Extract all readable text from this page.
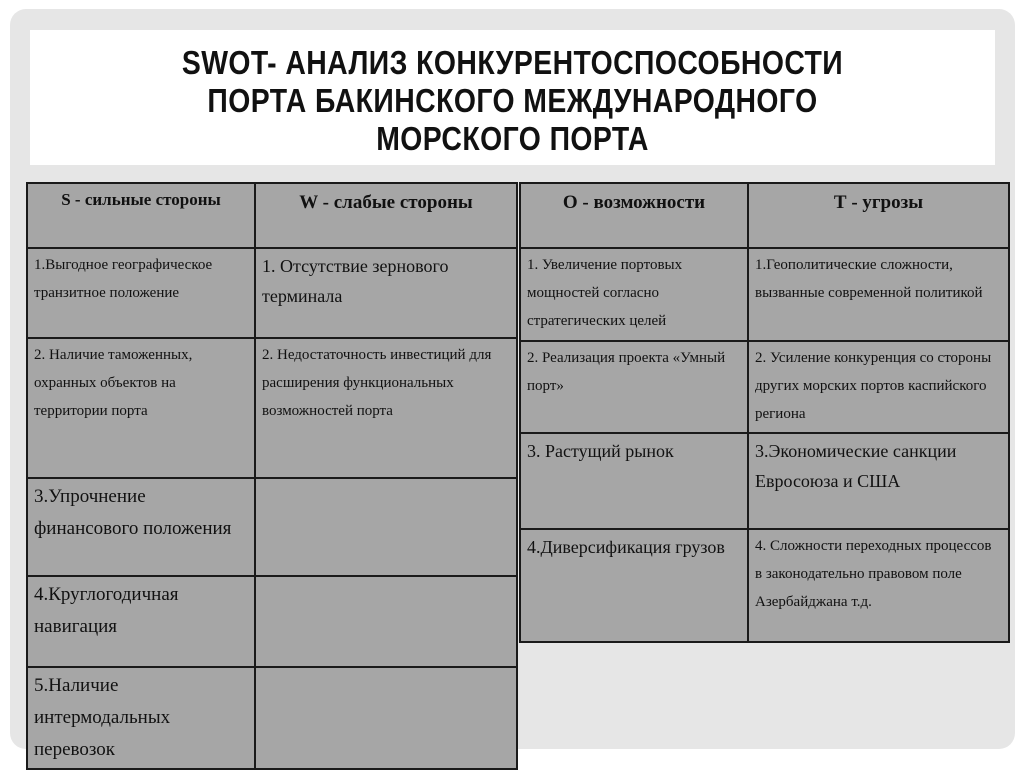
SWOT- АНАЛИЗ КОНКУРЕНТОСПОСОБНОСТИ
ПОРТА БАКИНСКОГО МЕЖДУНАРОДНОГО
МОРСКОГО ПОРТА
S - сильные стороны	W - слабые стороны
1.Выгодное географическое транзитное положение	1. Отсутствие зернового терминала
2. Наличие таможенных, охранных объектов на территории порта	2. Недостаточность инвестиций для расширения функциональных возможностей порта
3.Упрочнение финансового положения	
4.Круглогодичная навигация	
5.Наличие интермодальных перевозок	
О - возможности	Т - угрозы
1. Увеличение портовых мощностей согласно стратегических целей	1.Геополитические сложности, вызванные современной политикой
2. Реализация проекта «Умный порт»	2. Усиление конкуренция со стороны других морских портов каспийского региона
3. Растущий рынок	3.Экономические санкции Евросоюза и США
4.Диверсификация грузов	4. Сложности переходных процессов в законодательно правовом поле Азербайджана т.д.
